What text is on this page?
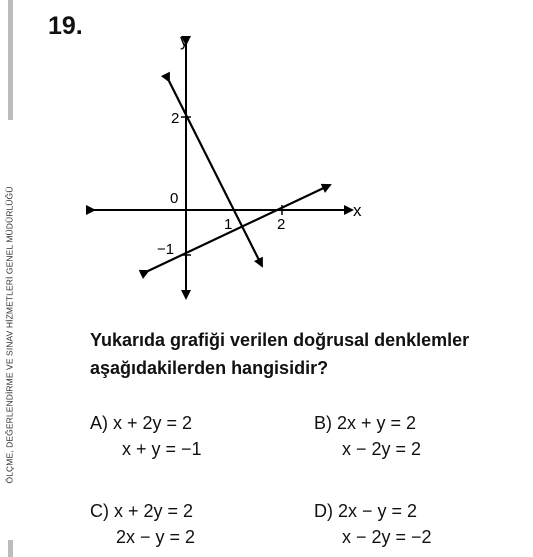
ÖLÇME, DEĞERLENDİRME VE SINAV HİZMETLERİ GENEL MÜDÜRLÜĞÜ
19.
y
x
0
1	2
2
−1
Yukarıda grafiği verilen doğrusal denklemler aşağıdakilerden hangisidir?
A) x + 2y = 2
x + y = −1
B) 2x + y = 2
x − 2y = 2
C) x + 2y = 2
2x − y = 2
D) 2x − y = 2
x − 2y = −2
